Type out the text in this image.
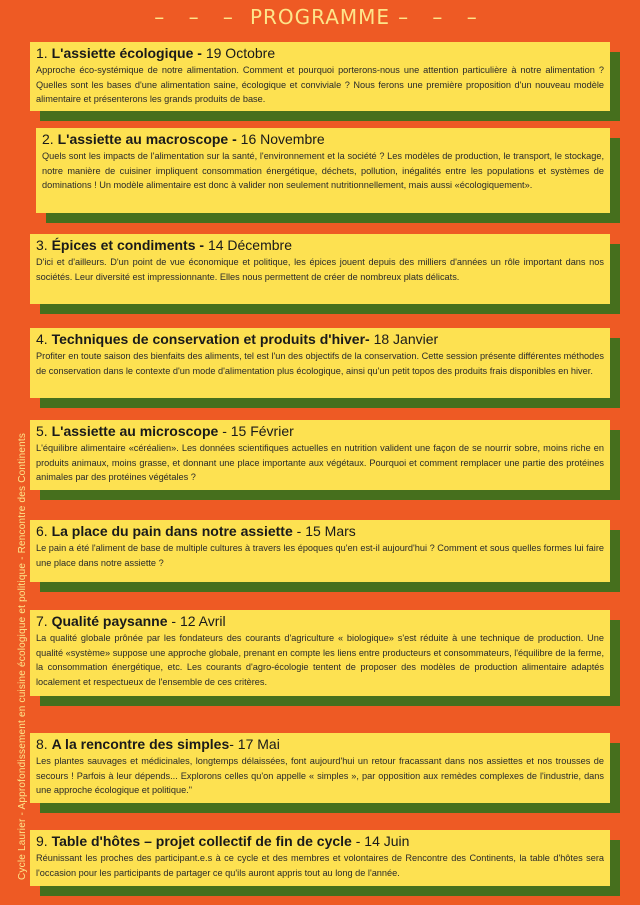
– – – PROGRAMME – – –
Cycle Laurier - Approfondissement en cuisine écologique et politique - Rencontre des Continents
1. L'assiette écologique - 19 Octobre
Approche éco-systémique de notre alimentation. Comment et pourquoi porterons-nous une attention particulière à notre alimentation ? Quelles sont les bases d'une alimentation saine, écologique et conviviale ? Nous ferons une première proposition d'un nouveau modèle alimentaire et présenterons les grands produits de base.
2. L'assiette au macroscope - 16 Novembre
Quels sont les impacts de l'alimentation sur la santé, l'environnement et la société ? Les modèles de production, le transport, le stockage, notre manière de cuisiner impliquent consommation énergétique, déchets, pollution, inégalités entre les populations et systèmes de dominations ! Un modèle alimentaire est donc à valider non seulement nutritionnellement, mais aussi «écologiquement».
3. Épices et condiments - 14 Décembre
D'ici et d'ailleurs. D'un point de vue économique et politique, les épices jouent depuis des milliers d'années un rôle important dans nos sociétés. Leur diversité est impressionnante. Elles nous permettent de créer de nombreux plats délicats.
4. Techniques de conservation et produits d'hiver- 18 Janvier
Profiter en toute saison des bienfaits des aliments, tel est l'un des objectifs de la conservation. Cette session présente différentes méthodes de conservation dans le contexte d'un mode d'alimentation plus écologique, ainsi qu'un petit topos des produits frais disponibles en hiver.
5. L'assiette au microscope - 15 Février
L'équilibre alimentaire «céréalien». Les données scientifiques actuelles en nutrition valident une façon de se nourrir sobre, moins riche en produits animaux, moins grasse, et donnant une place importante aux végétaux. Pourquoi et comment remplacer une partie des protéines animales par des protéines végétales ?
6. La place du pain dans notre assiette - 15 Mars
Le pain a été l'aliment de base de multiple cultures à travers les époques qu'en est-il aujourd'hui ? Comment et sous quelles formes lui faire une place dans notre assiette ?
7. Qualité paysanne - 12 Avril
La qualité globale prônée par les fondateurs des courants d'agriculture « biologique» s'est réduite à une technique de production. Une qualité «système» suppose une approche globale, prenant en compte les liens entre producteurs et consommateurs, l'équilibre de la ferme, la consommation énergétique, etc. Les courants d'agro-écologie tentent de proposer des modèles de production alimentaire adaptés localement et respectueux de l'ensemble de ces critères.
8. A la rencontre des simples- 17 Mai
Les plantes sauvages et médicinales, longtemps délaissées, font aujourd'hui un retour fracassant dans nos assiettes et nos trousses de secours ! Parfois à leur dépends... Explorons celles qu'on appelle « simples », par opposition aux remèdes complexes de l'industrie, dans une approche écologique et politique."
9. Table d'hôtes – projet collectif de fin de cycle - 14 Juin
Réunissant les proches des participant.e.s à ce cycle et des membres et volontaires de Rencontre des Continents, la table d'hôtes sera l'occasion pour les participants de partager ce qu'ils auront appris tout au long de l'année.
